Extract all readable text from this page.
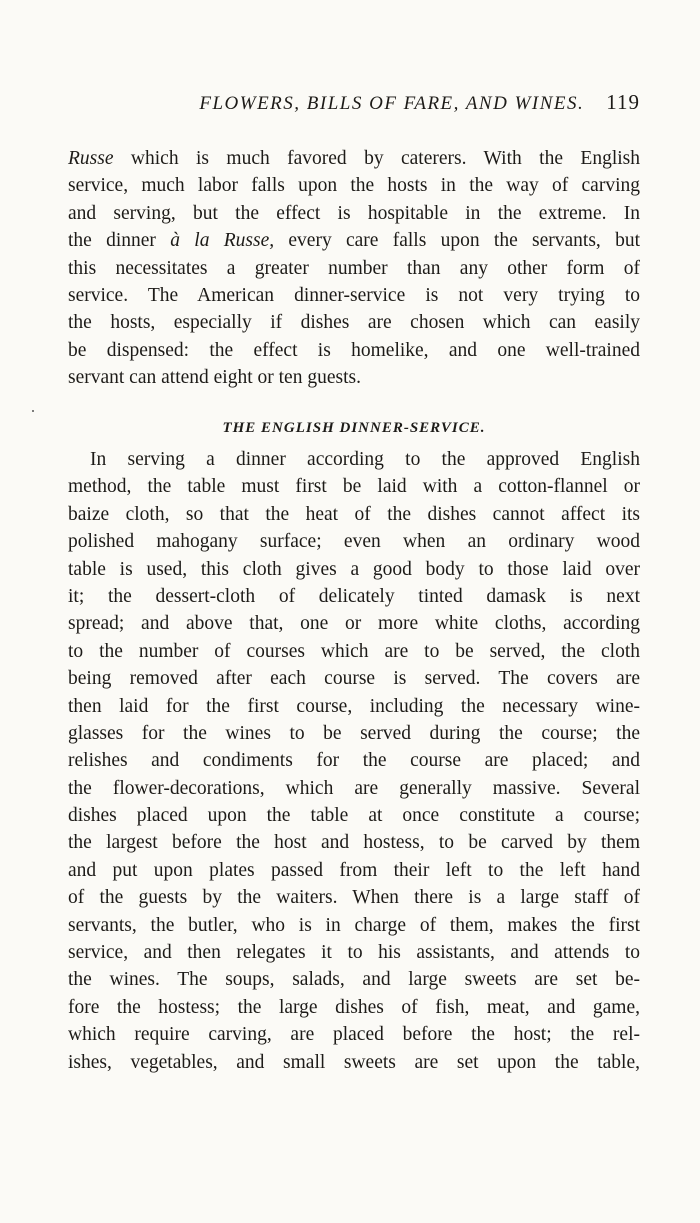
FLOWERS, BILLS OF FARE, AND WINES. 119
Russe which is much favored by caterers. With the English
service, much labor falls upon the hosts in the way of carving
and serving, but the effect is hospitable in the extreme. In
the dinner à la Russe, every care falls upon the servants, but
this necessitates a greater number than any other form of
service. The American dinner-service is not very trying to
the hosts, especially if dishes are chosen which can easily
be dispensed: the effect is homelike, and one well-trained
servant can attend eight or ten guests.
THE ENGLISH DINNER-SERVICE.
In serving a dinner according to the approved English
method, the table must first be laid with a cotton-flannel or
baize cloth, so that the heat of the dishes cannot affect its
polished mahogany surface; even when an ordinary wood
table is used, this cloth gives a good body to those laid over
it; the dessert-cloth of delicately tinted damask is next
spread; and above that, one or more white cloths, according
to the number of courses which are to be served, the cloth
being removed after each course is served. The covers are
then laid for the first course, including the necessary wine-
glasses for the wines to be served during the course; the
relishes and condiments for the course are placed; and
the flower-decorations, which are generally massive. Several
dishes placed upon the table at once constitute a course;
the largest before the host and hostess, to be carved by them
and put upon plates passed from their left to the left hand
of the guests by the waiters. When there is a large staff of
servants, the butler, who is in charge of them, makes the first
service, and then relegates it to his assistants, and attends to
the wines. The soups, salads, and large sweets are set be-
fore the hostess; the large dishes of fish, meat, and game,
which require carving, are placed before the host; the rel-
ishes, vegetables, and small sweets are set upon the table,
